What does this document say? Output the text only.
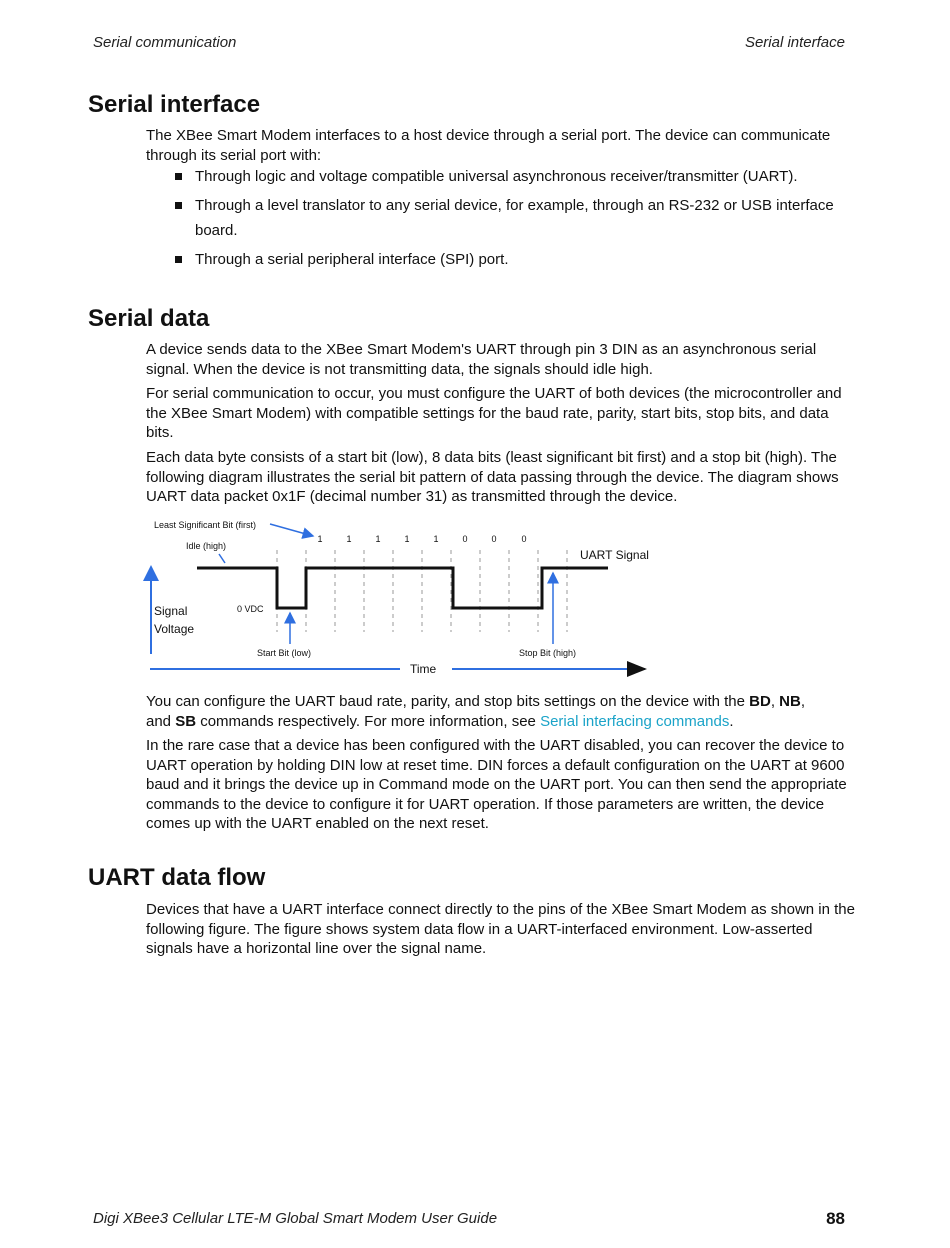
Serial communication	Serial interface
Serial interface

The XBee Smart Modem interfaces to a host device through a serial port. The device can communicate through its serial port with:

Through logic and voltage compatible universal asynchronous receiver/transmitter (UART).
Through a level translator to any serial device, for example, through an RS-232 or USB interface board.
Through a serial peripheral interface (SPI) port.
Serial data

A device sends data to the XBee Smart Modem's UART through pin 3 DIN as an asynchronous serial signal. When the device is not transmitting data, the signals should idle high.

For serial communication to occur, you must configure the UART of both devices (the microcontroller and the XBee Smart Modem) with compatible settings for the baud rate, parity, start bits, stop bits, and data bits.

Each data byte consists of a start bit (low), 8 data bits (least significant bit first) and a stop bit (high). The following diagram illustrates the serial bit pattern of data passing through the device. The diagram shows UART data packet 0x1F (decimal number 31) as transmitted through the device.

1	1	1	1	1	0	0	0
Least Significant Bit (first)
Idle (high)
UART Signal
Signal
Voltage
0 VDC
Start Bit (low)	Stop Bit (high)
Time

You can configure the UART baud rate, parity, and stop bits settings on the device with the BD, NB,
and SB commands respectively. For more information, see Serial interfacing commands.

In the rare case that a device has been configured with the UART disabled, you can recover the device to UART operation by holding DIN low at reset time. DIN forces a default configuration on the UART at 9600 baud and it brings the device up in Command mode on the UART port. You can then send the appropriate commands to the device to configure it for UART operation. If those parameters are written, the device comes up with the UART enabled on the next reset.

UART data flow

Devices that have a UART interface connect directly to the pins of the XBee Smart Modem as shown in the following figure. The figure shows system data flow in a UART-interfaced environment. Low-asserted signals have a horizontal line over the signal name.

Digi XBee3 Cellular LTE-M Global Smart Modem User Guide	88
